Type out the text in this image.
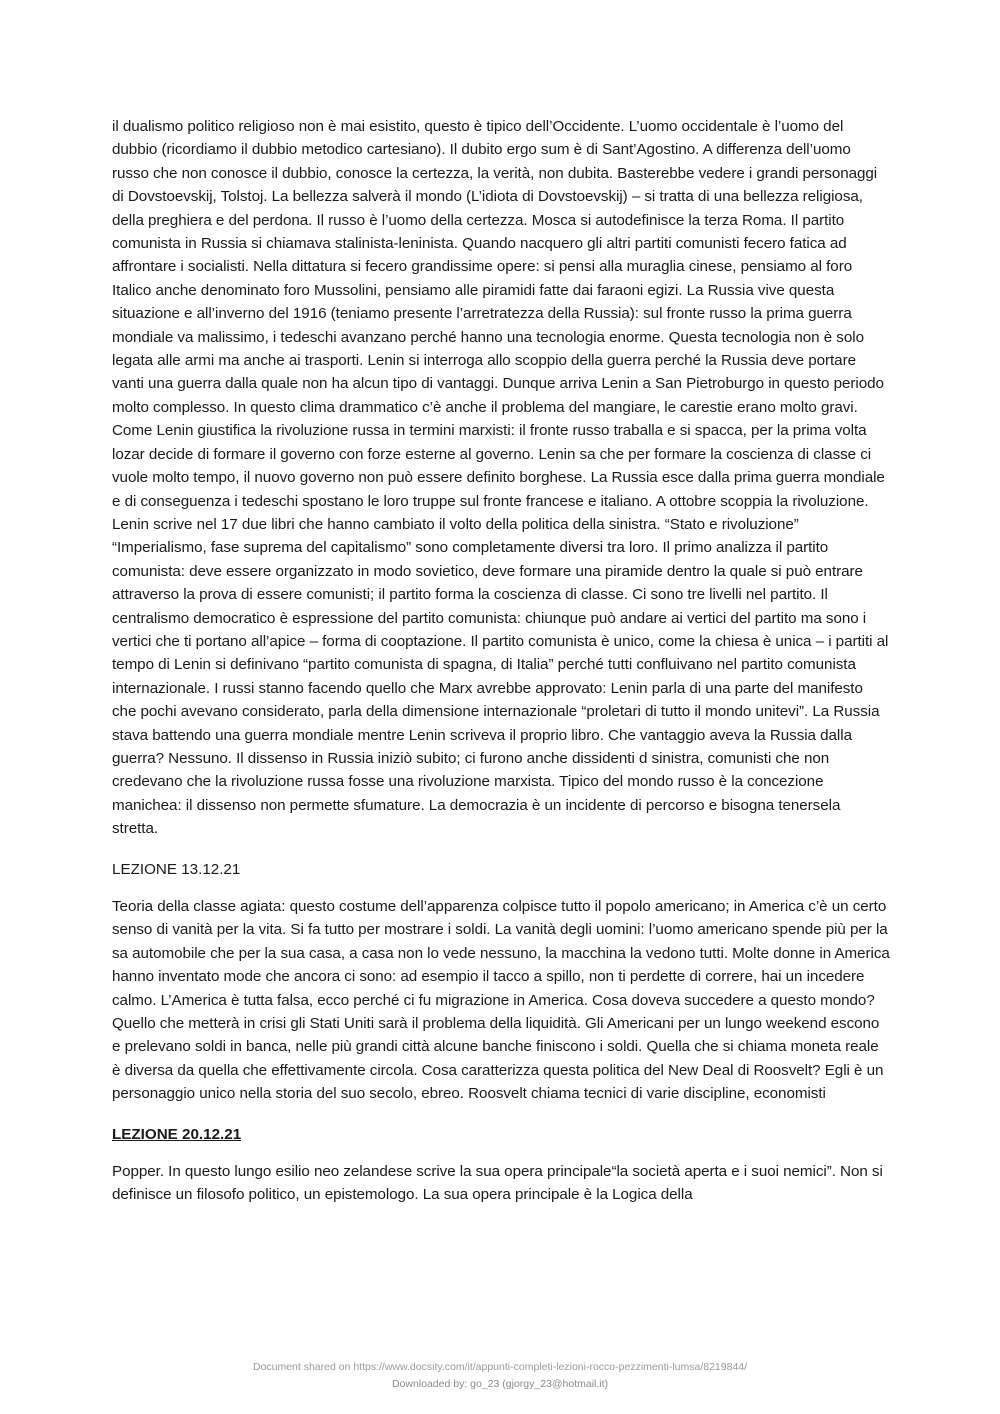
il dualismo politico religioso non è mai esistito, questo è tipico dell’Occidente. L’uomo occidentale è l’uomo del dubbio (ricordiamo il dubbio metodico cartesiano). Il dubito ergo sum è di Sant’Agostino. A differenza dell’uomo russo che non conosce il dubbio, conosce la certezza, la verità, non dubita. Basterebbe vedere i grandi personaggi di Dovstoevskij, Tolstoj. La bellezza salverà il mondo (L’idiota di Dovstoevskij) – si tratta di una bellezza religiosa, della preghiera e del perdona. Il russo è l’uomo della certezza. Mosca si autodefinisce la terza Roma. Il partito comunista in Russia si chiamava stalinista-leninista. Quando nacquero gli altri partiti comunisti fecero fatica ad affrontare i socialisti. Nella dittatura si fecero grandissime opere: si pensi alla muraglia cinese, pensiamo al foro Italico anche denominato foro Mussolini, pensiamo alle piramidi fatte dai faraoni egizi. La Russia vive questa situazione e all’inverno del 1916 (teniamo presente l’arretratezza della Russia): sul fronte russo la prima guerra mondiale va malissimo, i tedeschi avanzano perché hanno una tecnologia enorme. Questa tecnologia non è solo legata alle armi ma anche ai trasporti. Lenin si interroga allo scoppio della guerra perché la Russia deve portare vanti una guerra dalla quale non ha alcun tipo di vantaggi. Dunque arriva Lenin a San Pietroburgo in questo periodo molto complesso. In questo clima drammatico c’è anche il problema del mangiare, le carestie erano molto gravi. Come Lenin giustifica la rivoluzione russa in termini marxisti: il fronte russo traballa e si spacca, per la prima volta lozar decide di formare il governo con forze esterne al governo. Lenin sa che per formare la coscienza di classe ci vuole molto tempo, il nuovo governo non può essere definito borghese. La Russia esce dalla prima guerra mondiale e di conseguenza i tedeschi spostano le loro truppe sul fronte francese e italiano. A ottobre scoppia la rivoluzione. Lenin scrive nel 17 due libri che hanno cambiato il volto della politica della sinistra. “Stato e rivoluzione” “Imperialismo, fase suprema del capitalismo” sono completamente diversi tra loro. Il primo analizza il partito comunista: deve essere organizzato in modo sovietico, deve formare una piramide dentro la quale si può entrare attraverso la prova di essere comunisti; il partito forma la coscienza di classe. Ci sono tre livelli nel partito. Il centralismo democratico è espressione del partito comunista: chiunque può andare ai vertici del partito ma sono i vertici che ti portano all’apice – forma di cooptazione. Il partito comunista è unico, come la chiesa è unica – i partiti al tempo di Lenin si definivano “partito comunista di spagna, di Italia” perché tutti confluivano nel partito comunista internazionale. I russi stanno facendo quello che Marx avrebbe approvato: Lenin parla di una parte del manifesto che pochi avevano considerato, parla della dimensione internazionale “proletari di tutto il mondo unitevi”. La Russia stava battendo una guerra mondiale mentre Lenin scriveva il proprio libro. Che vantaggio aveva la Russia dalla guerra? Nessuno. Il dissenso in Russia iniziò subito; ci furono anche dissidenti d sinistra, comunisti che non credevano che la rivoluzione russa fosse una rivoluzione marxista. Tipico del mondo russo è la concezione manichea: il dissenso non permette sfumature. La democrazia è un incidente di percorso e bisogna tenersela stretta.

LEZIONE 13.12.21

Teoria della classe agiata: questo costume dell’apparenza colpisce tutto il popolo americano; in America c’è un certo senso di vanità per la vita. Si fa tutto per mostrare i soldi. La vanità degli uomini: l’uomo americano spende più per la sa automobile che per la sua casa, a casa non lo vede nessuno, la macchina la vedono tutti. Molte donne in America hanno inventato mode che ancora ci sono: ad esempio il tacco a spillo, non ti perdette di correre, hai un incedere calmo. L’America è tutta falsa, ecco perché ci fu migrazione in America. Cosa doveva succedere a questo mondo? Quello che metterà in crisi gli Stati Uniti sarà il problema della liquidità. Gli Americani per un lungo weekend escono e prelevano soldi in banca, nelle più grandi città alcune banche finiscono i soldi. Quella che si chiama moneta reale è diversa da quella che effettivamente circola. Cosa caratterizza questa politica del New Deal di Roosvelt? Egli è un personaggio unico nella storia del suo secolo, ebreo. Roosvelt chiama tecnici di varie discipline, economisti

LEZIONE 20.12.21

Popper. In questo lungo esilio neo zelandese scrive la sua opera principale“la società aperta e i suoi nemici”. Non si definisce un filosofo politico, un epistemologo. La sua opera principale è la Logica della

Document shared on https://www.docsity.com/it/appunti-completi-lezioni-rocco-pezzimenti-lumsa/8219844/
Downloaded by: go_23 (gjorgy_23@hotmail.it)
